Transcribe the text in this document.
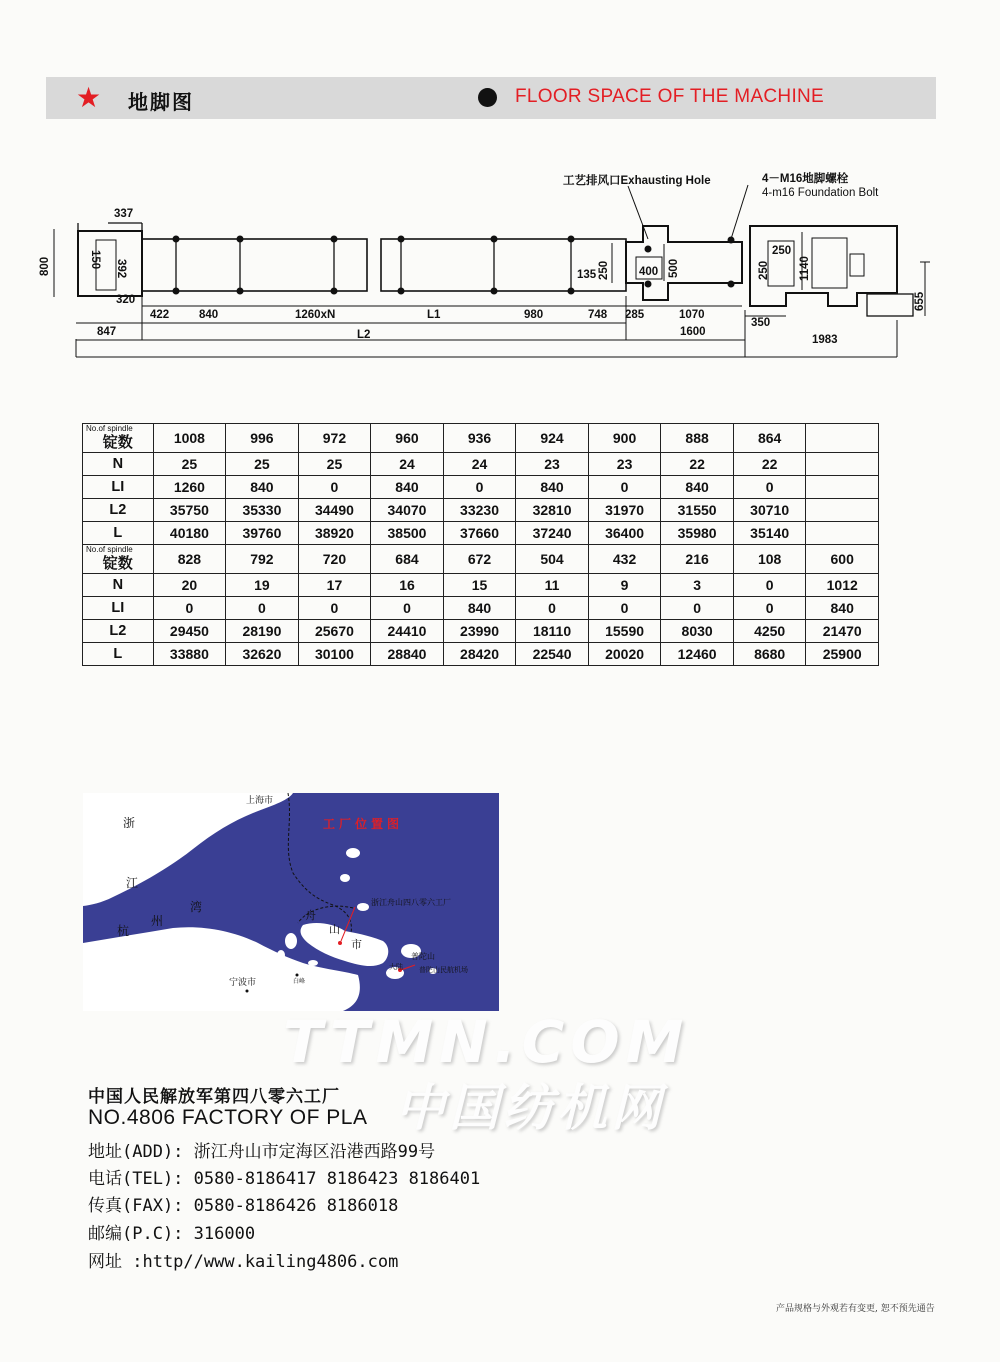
★ 地脚图	FLOOR SPACE OF THE MACHINE
工艺排风口Exhausting Hole	4－M16地脚螺栓
4-m16 Foundation Bolt
337
150 392
800
320
422	840	1260xN	L1	980	748 285	1070
1600
847	L2
135 250	400 500
250
250	1140
350
655
1983
No.of spindle
锭数	1008	996	972	960	936	924	900	888	864	
N	25	25	25	24	24	23	23	22	22	
LI	1260	840	0	840	0	840	0	840	0	
L2	35750	35330	34490	34070	33230	32810	31970	31550	30710	
L	40180	39760	38920	38500	37660	37240	36400	35980	35140	

No.of spindle
锭数	828	792	720	684	672	504	432	216	108	600
N	20	19	17	16	15	11	9	3	0	1012
LI	0	0	0	0	840	0	0	0	0	840
L2	29450	28190	25670	24410	23990	18110	15590	8030	4250	21470
L	33880	32620	30100	28840	28420	22540	20020	12460	8680	25900
工厂位置图
上海市
浙
江
杭
州
湾
舟
山
市
浙江舟山四八零六工厂
普陀山
普陀山民航机场
大陆
宁波市	白峰
TTMN.COM
中国纺机网
中国人民解放军第四八零六工厂
NO.4806 FACTORY OF PLA
地址(ADD): 浙江舟山市定海区沿港西路99号
电话(TEL): 0580-8186417 8186423 8186401
传真(FAX): 0580-8186426 8186018
邮编(P.C): 316000
网址 :http//www.kailing4806.com
产品规格与外观若有变更, 恕不预先通告
